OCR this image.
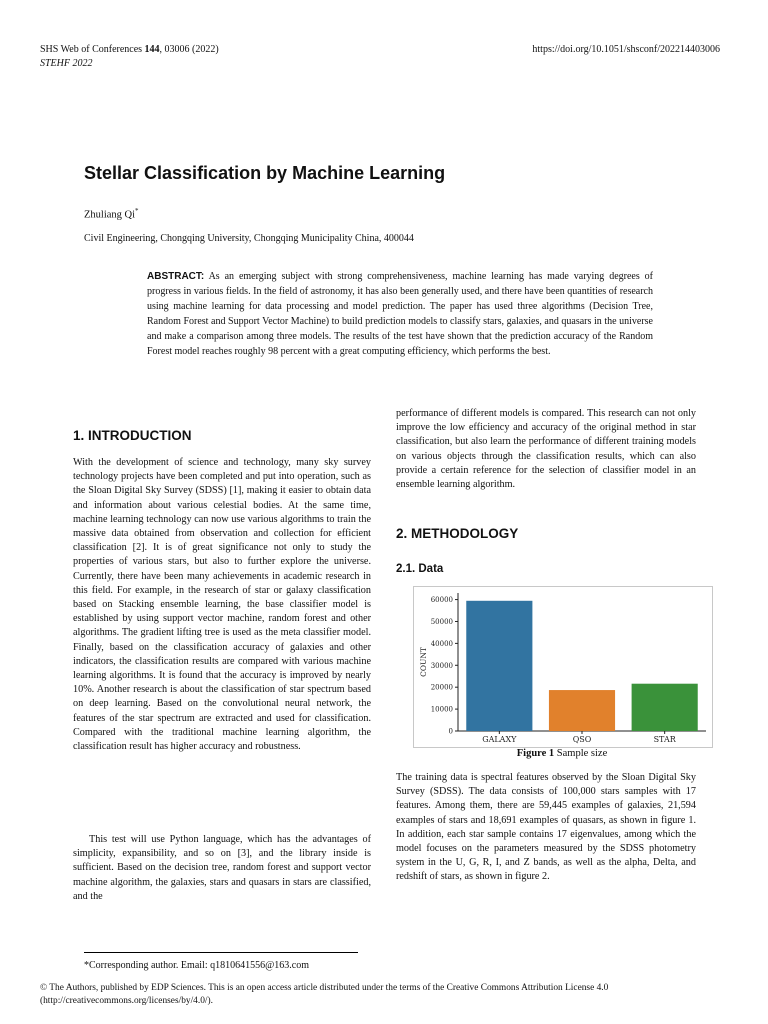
SHS Web of Conferences 144, 03006 (2022)
STEHF 2022
https://doi.org/10.1051/shsconf/202214403006
Stellar Classification by Machine Learning
Zhuliang Qi*
Civil Engineering, Chongqing University, Chongqing Municipality China, 400044
ABSTRACT: As an emerging subject with strong comprehensiveness, machine learning has made varying degrees of progress in various fields. In the field of astronomy, it has also been generally used, and there have been quantities of research using machine learning for data processing and model prediction. The paper has used three algorithms (Decision Tree, Random Forest and Support Vector Machine) to build prediction models to classify stars, galaxies, and quasars in the universe and make a comparison among three models. The results of the test have shown that the prediction accuracy of the Random Forest model reaches roughly 98 percent with a great computing efficiency, which performs the best.
1. INTRODUCTION
With the development of science and technology, many sky survey technology projects have been completed and put into operation, such as the Sloan Digital Sky Survey (SDSS) [1], making it easier to obtain data and information about various celestial bodies. At the same time, machine learning technology can now use various algorithms to train the massive data obtained from observation and collection for efficient classification [2]. It is of great significance not only to study the properties of various stars, but also to further explore the universe. Currently, there have been many achievements in academic research in this field. For example, in the research of star or galaxy classification based on Stacking ensemble learning, the base classifier model is established by using support vector machine, random forest and other algorithms. The gradient lifting tree is used as the meta classifier model. Finally, based on the classification accuracy of galaxies and other indicators, the classification results are compared with various machine learning algorithms. It is found that the accuracy is improved by nearly 10%. Another research is about the classification of star spectrum based on deep learning. Based on the convolutional neural network, the features of the star spectrum are extracted and used for classification. Compared with the traditional machine learning algorithm, the classification result has higher accuracy and robustness.
This test will use Python language, which has the advantages of simplicity, expansibility, and so on [3], and the library inside is sufficient. Based on the decision tree, random forest and support vector machine algorithm, the galaxies, stars and quasars in stars are classified, and the
performance of different models is compared. This research can not only improve the low efficiency and accuracy of the original method in star classification, but also learn the performance of different training models on various objects through the classification results, which can also provide a certain reference for the selection of classifier model in an ensemble learning algorithm.
2. METHODOLOGY
2.1. Data
0
10000
20000
30000
40000
50000
60000
COUNT
GALAXY	QSO	STAR
Figure 1 Sample size
The training data is spectral features observed by the Sloan Digital Sky Survey (SDSS). The data consists of 100,000 stars samples with 17 features. Among them, there are 59,445 examples of galaxies, 21,594 examples of stars and 18,691 examples of quasars, as shown in figure 1. In addition, each star sample contains 17 eigenvalues, among which the model focuses on the parameters measured by the SDSS photometry system in the U, G, R, I, and Z bands, as well as the alpha, Delta, and redshift of stars, as shown in figure 2.
*Corresponding author. Email: q1810641556@163.com
© The Authors, published by EDP Sciences. This is an open access article distributed under the terms of the Creative Commons Attribution License 4.0 (http://creativecommons.org/licenses/by/4.0/).
